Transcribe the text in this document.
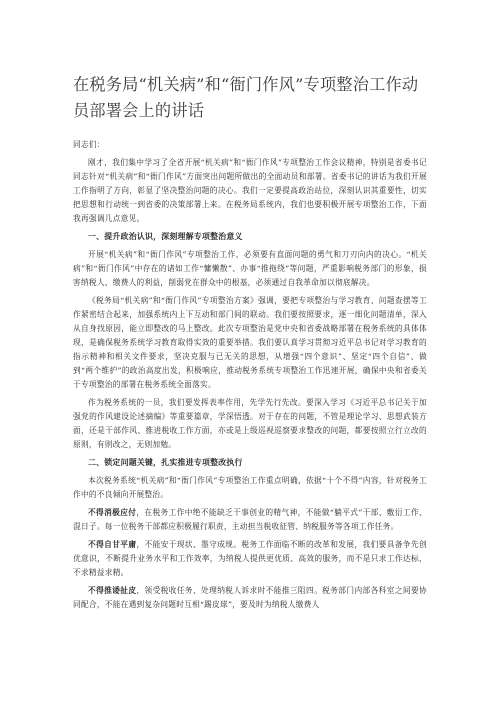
在税务局“机关病”和“衙门作风”专项整治工作动员部署会上的讲话

同志们：

刚才，我们集中学习了全省开展“机关病”和“衙门作风”专项整治工作会议精神，特别是省委书记同志针对“机关病”和“衙门作风”方面突出问题所做出的全面动员和部署。省委书记的讲话为我们开展工作指明了方向，彰显了坚决整治问题的决心。我们一定要提高政治站位，深刻认识其重要性，切实把思想和行动统一到省委的决策部署上来。在税务局系统内，我们也要积极开展专项整治工作，下面我再强调几点意见。

一、提升政治认识，深刻理解专项整治意义

开展“机关病”和“衙门作风”专项整治工作，必须要有直面问题的勇气和刀刃向内的决心。“机关病”和“衙门作风”中存在的诸如工作“慵懒散”、办事“推拖绕”等问题，严重影响税务部门的形象，损害纳税人、缴费人的利益，削弱党在群众中的根基，必须通过自我革命加以彻底解决。

《税务局“机关病”和“衙门作风”专项整治方案》强调，要把专项整治与学习教育、问题查摆等工作紧密结合起来，加强系统内上下互动和部门间的联动。我们要按照要求，逐一细化问题清单，深入从自身找原因，能立即整改的马上整改。此次专项整治是党中央和省委战略部署在税务系统的具体体现，是确保税务系统学习教育取得实效的重要举措。我们要认真学习贯彻习近平总书记对学习教育的指示精神和相关文件要求，坚决克服与已无关的思想，从增强“四个意识”、坚定“四个自信”、做到“两个维护”的政治高度出发，积极响应，推动税务系统专项整治工作迅速开展，确保中央和省委关于专项整治的部署在税务系统全面落实。

作为税务系统的一员，我们要发挥表率作用，先学先行先改。要深入学习《习近平总书记关于加强党的作风建设论述摘编》等重要篇章，学深悟透。对于存在的问题，不管是理论学习、思想武装方面，还是干部作风、推进税收工作方面，亦或是上级巡视巡察要求整改的问题，都要按照立行立改的原则，有则改之，无则加勉。

二、锁定问题关键，扎实推进专项整改执行

本次税务系统“机关病”和“衙门作风”专项整治工作重点明确，依据“十个不得”内容，针对税务工作中的不良倾向开展整治。

不得消极应付，在税务工作中绝不能缺乏干事创业的精气神，不能做“躺平式”干部、敷衍工作、混日子。每一位税务干部都应积极履行职责，主动担当税收征管、纳税服务等各项工作任务。

不得自甘平庸，不能安于现状、墨守成规。税务工作面临不断的改革和发展，我们要具备争先创优意识，不断提升业务水平和工作效率，为纳税人提供更优质、高效的服务，而不是只求工作达标，不求精益求精。

不得推诿扯皮，领受税收任务、处理纳税人诉求时不能推三阻四。税务部门内部各科室之间要协同配合，不能在遇到复杂问题时互相“踢皮球”，要及时为纳税人缴费人
